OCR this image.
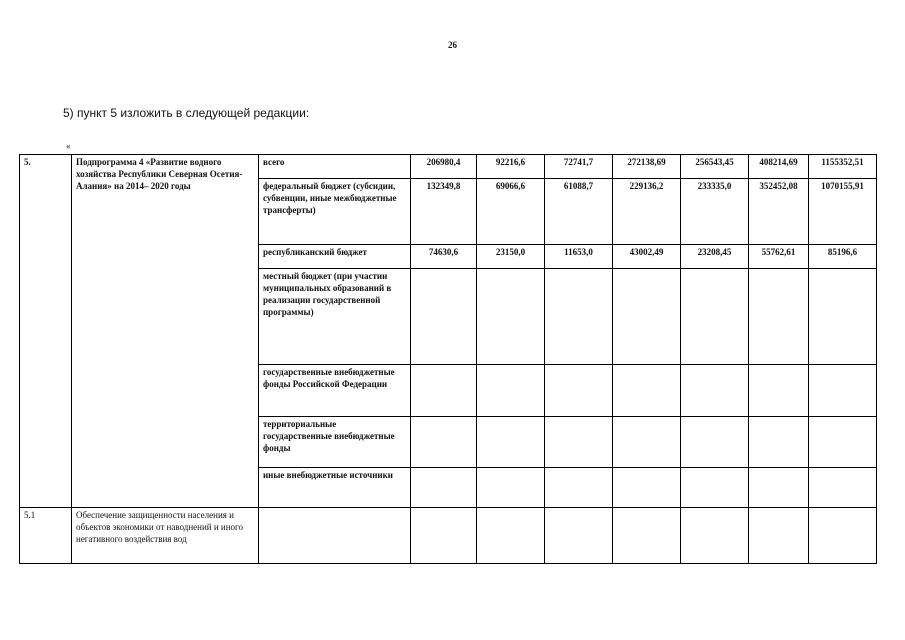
26
5) пункт 5 изложить в следующей редакции:
«
5.	Подпрограмма 4 «Развитие водного хозяйства Республики Северная Осетия-Алания» на 2014– 2020 годы	всего	206980,4	92216,6	72741,7	272138,69	256543,45	408214,69	1155352,51
		федеральный бюджет (субсидии, субвенции, иные межбюджетные трансферты)	132349,8	69066,6	61088,7	229136,2	233335,0	352452,08	1070155,91
		республиканский бюджет	74630,6	23150,0	11653,0	43002,49	23208,45	55762,61	85196,6
		местный бюджет (при участии муниципальных образований в реализации государственной программы)							
		государственные внебюджетные фонды Российской Федерации							
		территориальные государственные внебюджетные фонды							
		иные внебюджетные источники							
5.1	Обеспечение защищенности населения и объектов экономики от наводнений и иного негативного воздействия вод								
